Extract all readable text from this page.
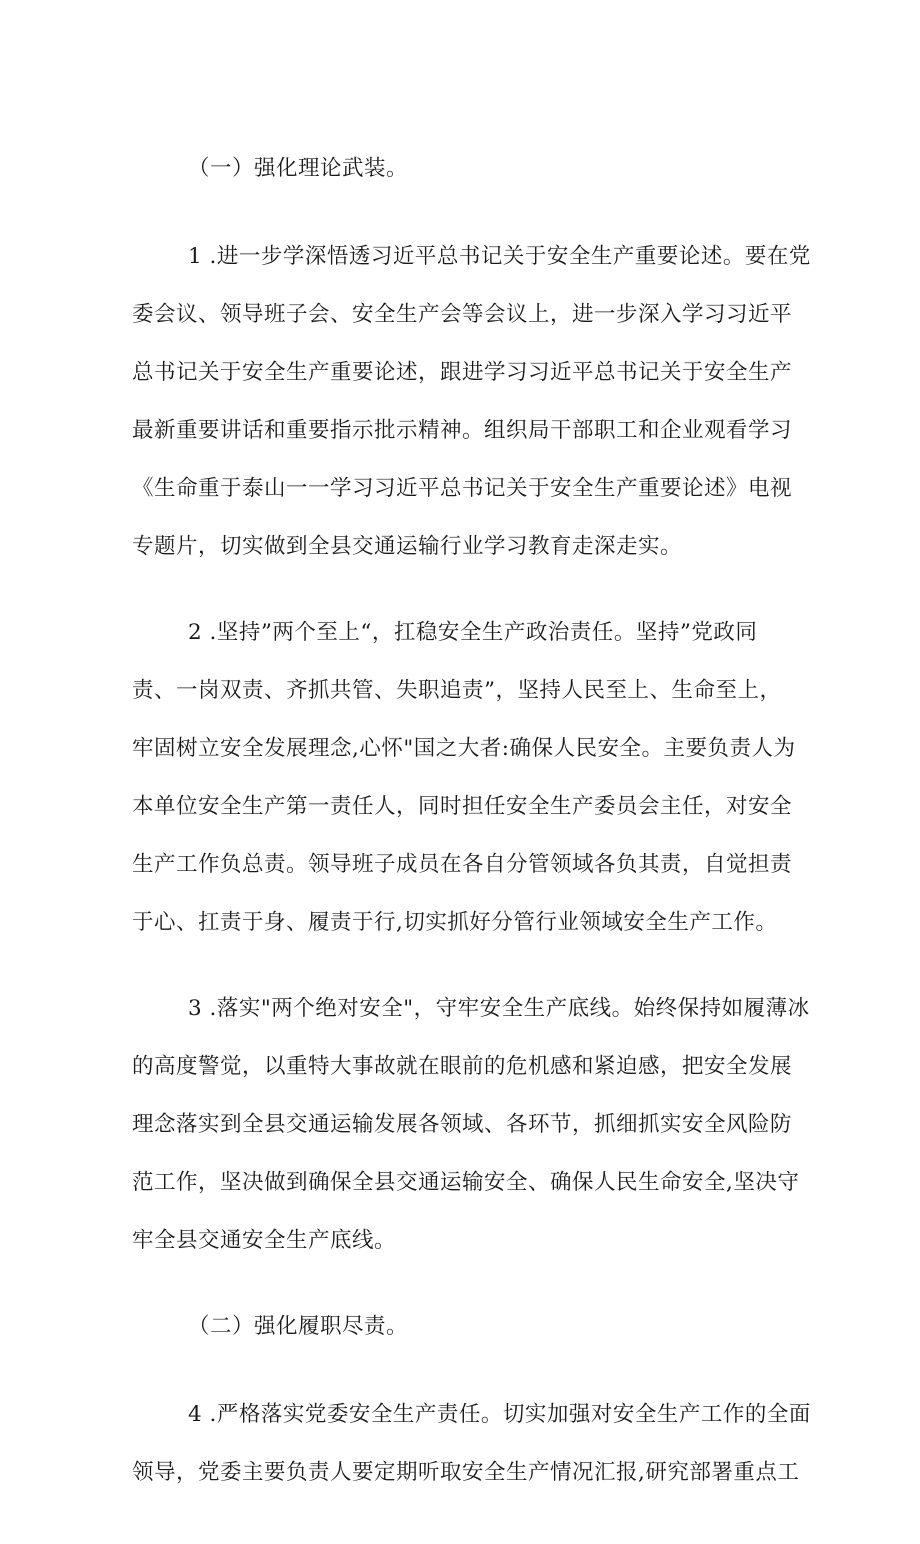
（一）强化理论武装。
1 .进一步学深悟透习近平总书记关于安全生产重要论述。要在党
委会议、领导班子会、安全生产会等会议上，进一步深入学习习近平
总书记关于安全生产重要论述，跟进学习习近平总书记关于安全生产
最新重要讲话和重要指示批示精神。组织局干部职工和企业观看学习
《生命重于泰山一一学习习近平总书记关于安全生产重要论述》电视
专题片，切实做到全县交通运输行业学习教育走深走实。
2 .坚持”两个至上“，扛稳安全生产政治责任。坚持”党政同
责、一岗双责、齐抓共管、失职追责”，坚持人民至上、生命至上，
牢固树立安全发展理念,心怀"国之大者:确保人民安全。主要负责人为
本单位安全生产第一责任人，同时担任安全生产委员会主任，对安全
生产工作负总责。领导班子成员在各自分管领域各负其责，自觉担责
于心、扛责于身、履责于行,切实抓好分管行业领域安全生产工作。
3 .落实"两个绝对安全"，守牢安全生产底线。始终保持如履薄冰
的高度警觉，以重特大事故就在眼前的危机感和紧迫感，把安全发展
理念落实到全县交通运输发展各领域、各环节，抓细抓实安全风险防
范工作，坚决做到确保全县交通运输安全、确保人民生命安全,坚决守
牢全县交通安全生产底线。
（二）强化履职尽责。
4 .严格落实党委安全生产责任。切实加强对安全生产工作的全面
领导，党委主要负责人要定期听取安全生产情况汇报,研究部署重点工
